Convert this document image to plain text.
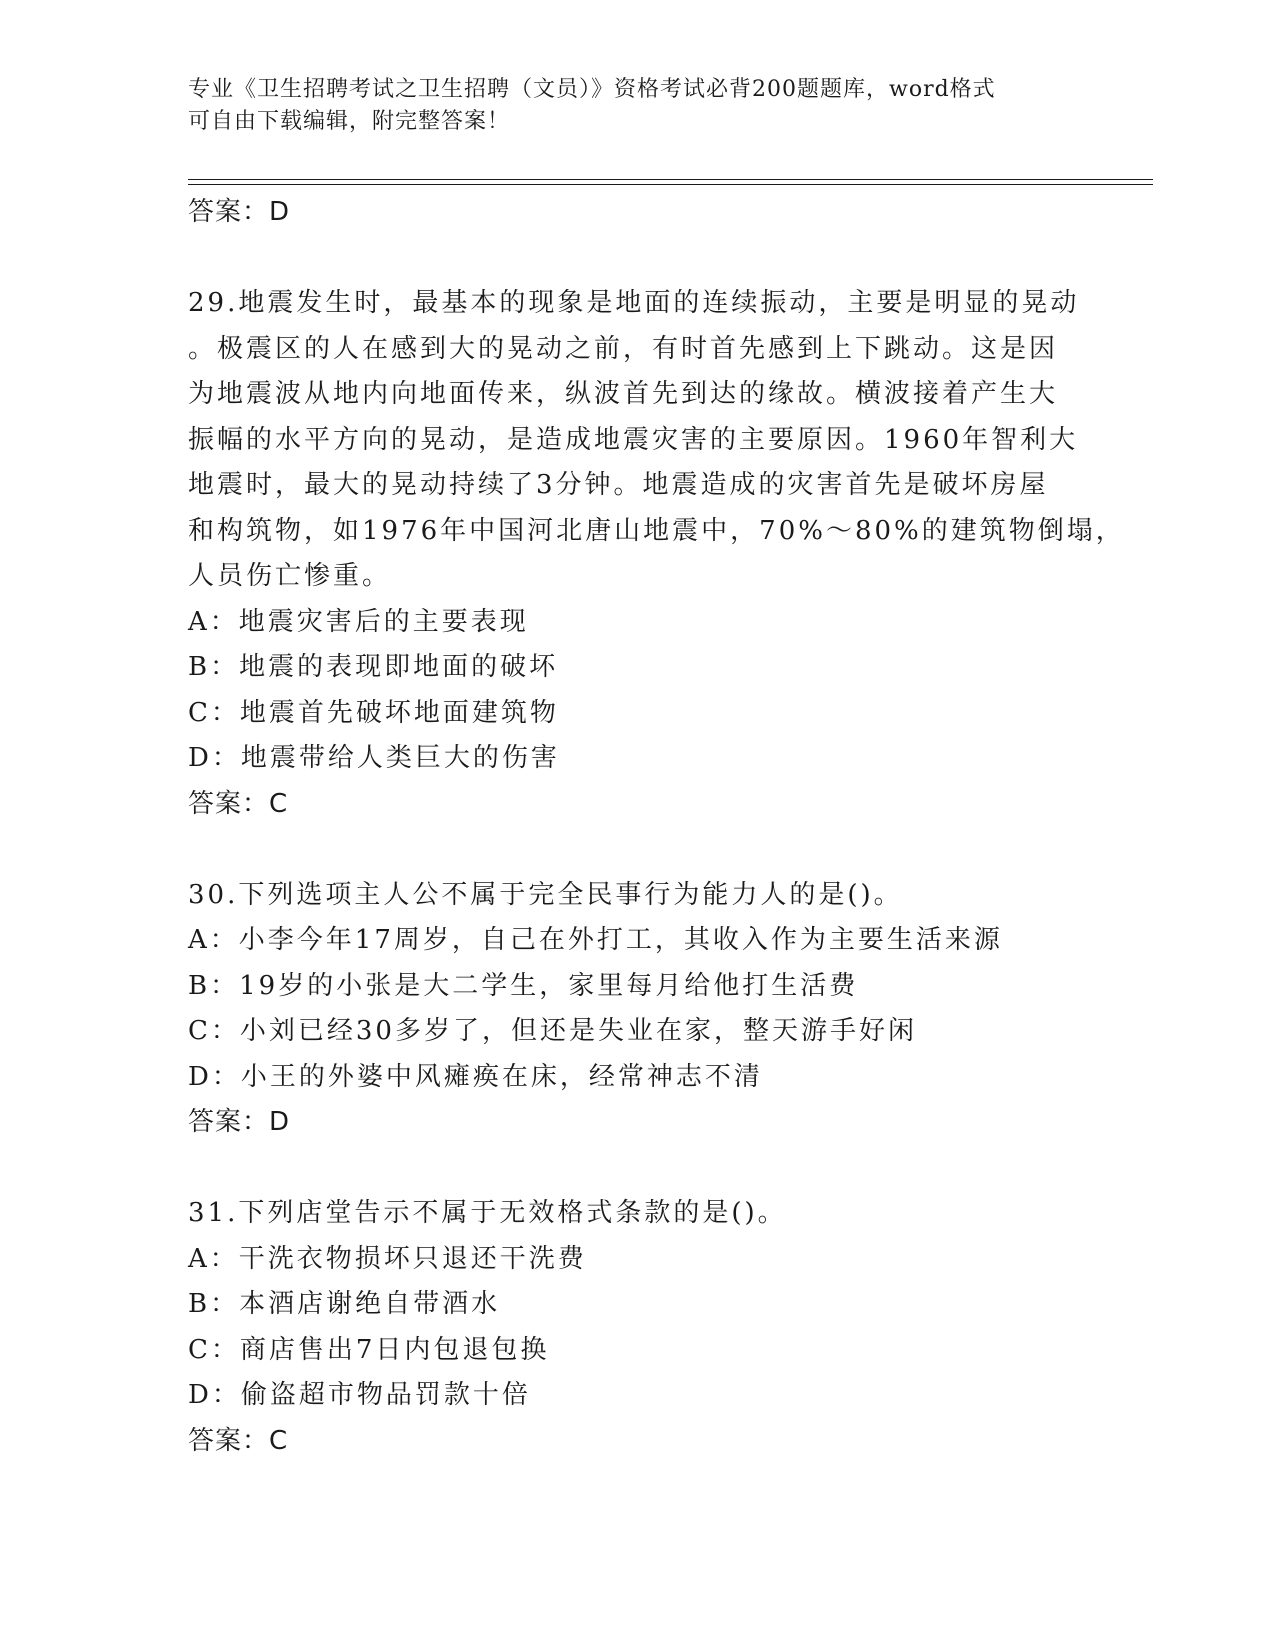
专业《卫生招聘考试之卫生招聘（文员）》资格考试必背200题题库，word格式

可自由下载编辑，附完整答案！

答案：D

29.地震发生时，最基本的现象是地面的连续振动，主要是明显的晃动

。极震区的人在感到大的晃动之前，有时首先感到上下跳动。这是因

为地震波从地内向地面传来，纵波首先到达的缘故。横波接着产生大

振幅的水平方向的晃动，是造成地震灾害的主要原因。1960年智利大

地震时，最大的晃动持续了3分钟。地震造成的灾害首先是破坏房屋

和构筑物，如1976年中国河北唐山地震中，70%～80%的建筑物倒塌，

人员伤亡惨重。

A：地震灾害后的主要表现

B：地震的表现即地面的破坏

C：地震首先破坏地面建筑物

D：地震带给人类巨大的伤害

答案：C

30.下列选项主人公不属于完全民事行为能力人的是()。

A：小李今年17周岁，自己在外打工，其收入作为主要生活来源

B：19岁的小张是大二学生，家里每月给他打生活费

C：小刘已经30多岁了，但还是失业在家，整天游手好闲

D：小王的外婆中风瘫痪在床，经常神志不清

答案：D

31.下列店堂告示不属于无效格式条款的是()。

A：干洗衣物损坏只退还干洗费

B：本酒店谢绝自带酒水

C：商店售出7日内包退包换

D：偷盗超市物品罚款十倍

答案：C
